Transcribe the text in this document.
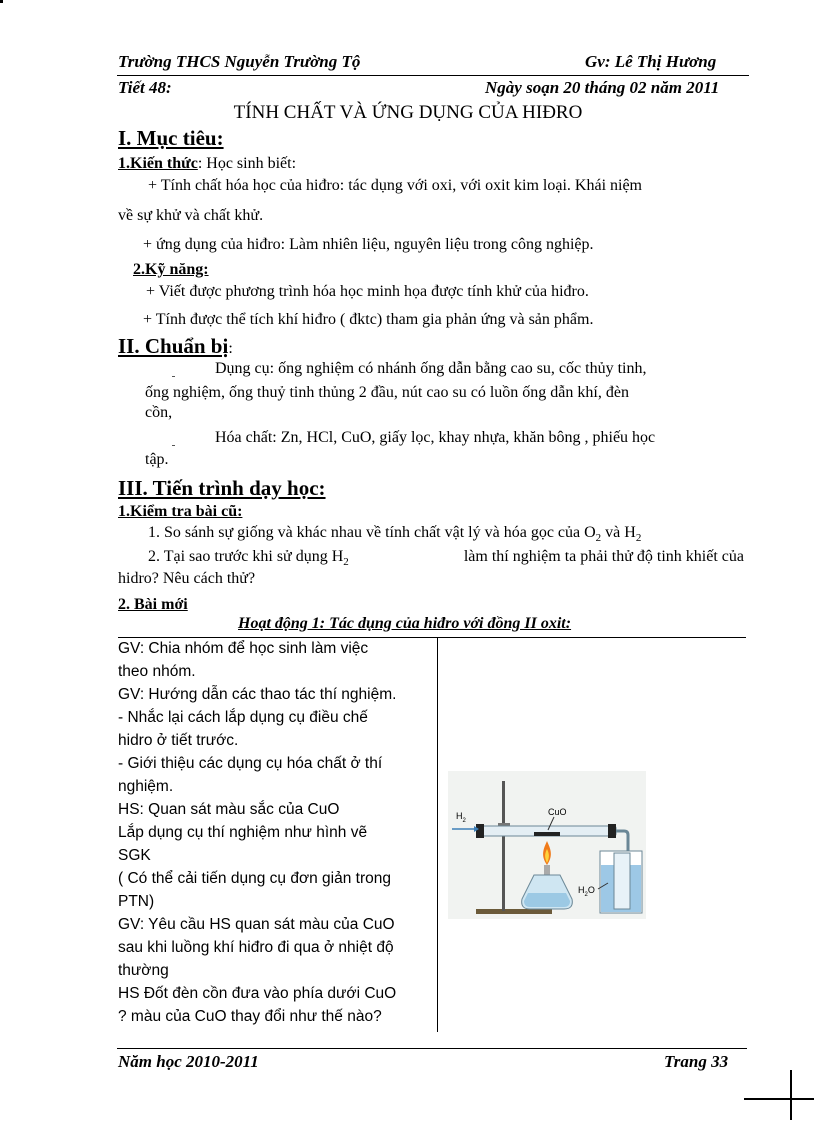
Trường THCS Nguyễn Trường Tộ	Gv: Lê Thị Hương
Tiết 48:	Ngày soạn 20 tháng 02 năm 2011
TÍNH CHẤT VÀ ỨNG DỤNG CỦA HIĐRO
I. Mục tiêu:
1.Kiến thức: Học sinh biết:
+ Tính chất hóa học của hiđro: tác dụng với oxi, với oxit kim loại. Khái niệm
về sự khử và chất khử.
+ ứng dụng của hiđro: Làm nhiên liệu, nguyên liệu trong công nghiệp.
2.Kỹ năng:
+ Viết được phương trình hóa học minh họa được tính khử của hiđro.
+ Tính được thể tích khí hiđro ( đktc) tham gia phản ứng và sản phẩm.
II. Chuẩn bị:
Dụng cụ: ống nghiệm có nhánh ống dẫn bằng cao su, cốc thủy tinh,
ống nghiệm, ống thuỷ tinh thủng 2 đầu, nút cao su có luồn ống dẫn khí, đèn
cồn,
Hóa chất: Zn, HCl, CuO, giấy lọc, khay nhựa, khăn bông , phiếu học
tập.
III. Tiến trình dạy học:
1.Kiểm tra bài cũ:
1. So sánh sự giống và khác nhau về tính chất vật lý và hóa gọc của $O_2$ và $H_2$
2. Tại sao trước khi sử dụng $H_2$	làm thí nghiệm ta phải thử độ tinh khiết của
hidro? Nêu cách thử?
2. Bài mới
Hoạt động 1: Tác dụng của hiđro với đồng II oxit:
GV: Chia nhóm để học sinh làm việc
theo nhóm.
GV: Hướng dẫn các thao tác thí nghiệm.
- Nhắc lại cách lắp dụng cụ điều chế
hidro ở tiết trước.
- Giới thiệu các dụng cụ hóa chất ở thí
nghiệm.
HS: Quan sát màu sắc của CuO
Lắp dụng cụ thí nghiệm như hình vẽ
SGK
( Có thể cải tiến dụng cụ đơn giản trong
PTN)
GV: Yêu cầu HS quan sát màu của CuO
sau khi luồng khí hiđro đi qua ở nhiệt độ
thường
HS Đốt đèn cồn đưa vào phía dưới CuO
? màu của CuO thay đổi như thế nào?
$H_2$
CuO
$H_2O$
Năm học 2010-2011	Trang 33
